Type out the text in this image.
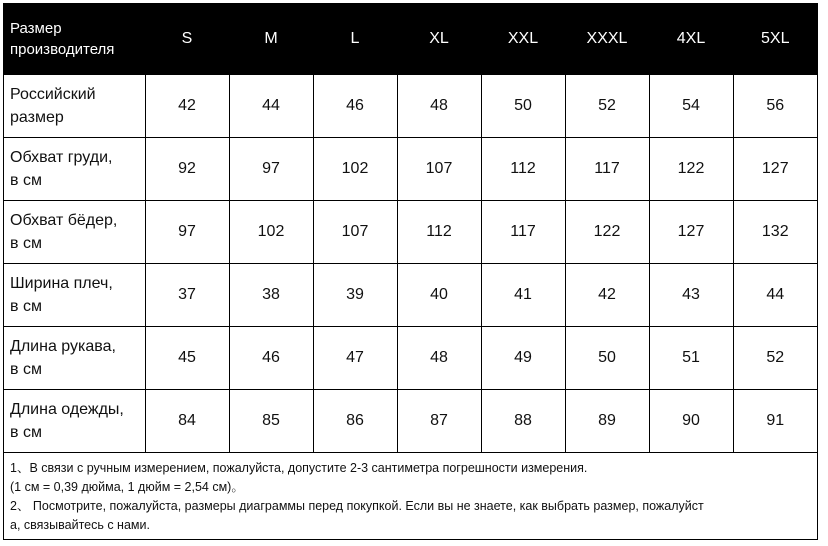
Размер
производителя	S	M	L	XL	XXL	XXXL	4XL	5XL

Российский
размер	42	44	46	48	50	52	54	56

Обхват груди,
в см	92	97	102	107	112	117	122	127

Обхват бёдер,
в см	97	102	107	112	117	122	127	132

Ширина плеч,
в см	37	38	39	40	41	42	43	44

Длина рукава,
в см	45	46	47	48	49	50	51	52

Длина одежды,
в см	84	85	86	87	88	89	90	91
1、В связи с ручным измерением, пожалуйста, допустите 2-3 сантиметра погрешности измерения.
(1 см = 0,39 дюйма, 1 дюйм = 2,54 см)。
2、 Посмотрите, пожалуйста, размеры диаграммы перед покупкой. Если вы не знаете, как выбрать размер, пожалуйст
а, связывайтесь с нами.
